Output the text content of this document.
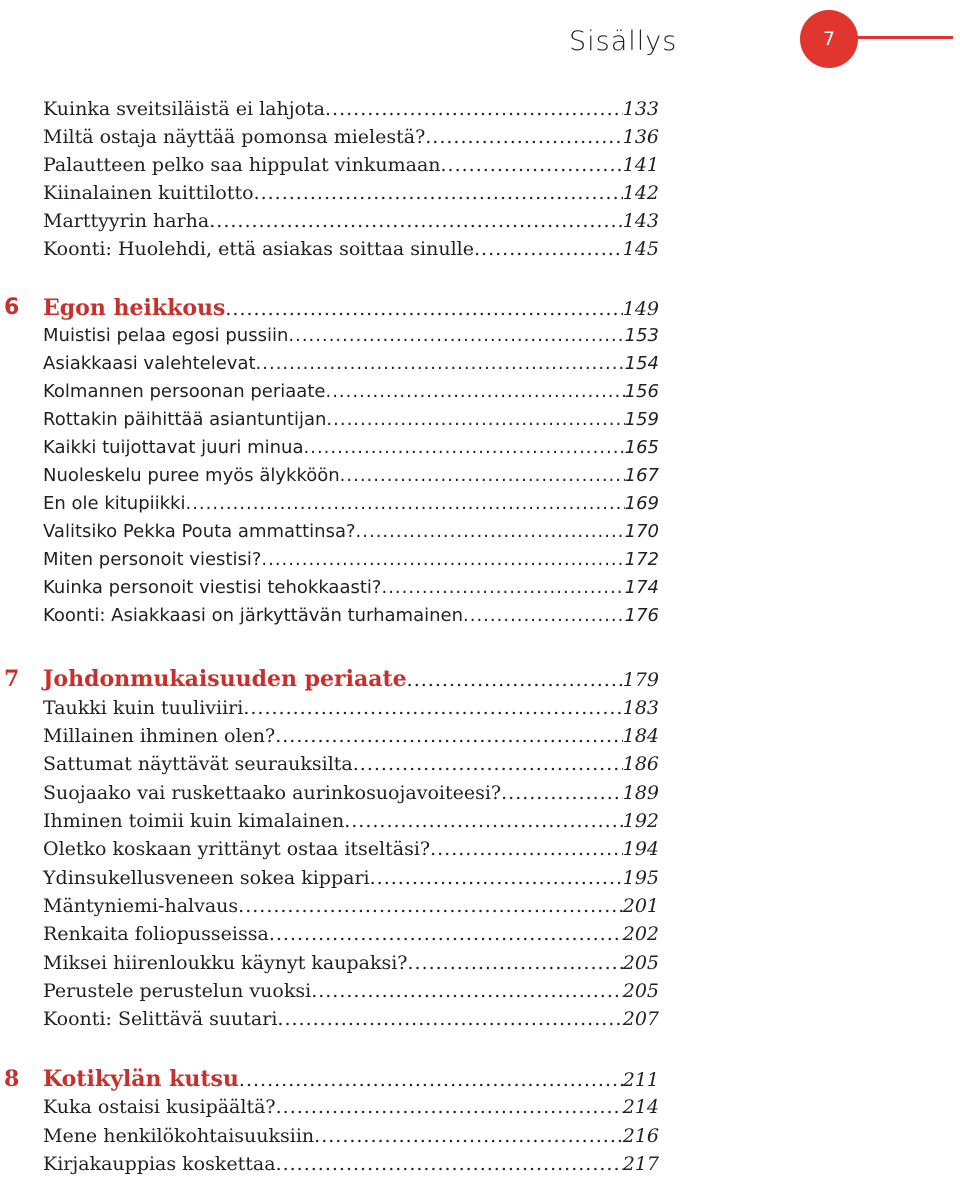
Sisällys	7
Kuinka sveitsiläistä ei lahjota .....	133
Miltä ostaja näyttää pomonsa mielestä? .....	136
Palautteen pelko saa hippulat vinkumaan .....	141
Kiinalainen kuittilotto .....	142
Marttyyrin harha .....	143
Koonti: Huolehdi, että asiakas soittaa sinulle .....	145
6	Egon heikkous .....	149
Muistisi pelaa egosi pussiin .....	153
Asiakkaasi valehtelevat .....	154
Kolmannen persoonan periaate .....	156
Rottakin päihittää asiantuntijan .....	159
Kaikki tuijottavat juuri minua .....	165
Nuoleskelu puree myös älykköön .....	167
En ole kitupiikki .....	169
Valitsiko Pekka Pouta ammattinsa? .....	170
Miten personoit viestisi? .....	172
Kuinka personoit viestisi tehokkaasti? .....	174
Koonti: Asiakkaasi on järkyttävän turhamainen .....	176
7	Johdonmukaisuuden periaate .....	179
Taukki kuin tuuliviiri .....	183
Millainen ihminen olen? .....	184
Sattumat näyttävät seurauksilta .....	186
Suojaako vai ruskettaako aurinkosuojavoiteesi? .....	189
Ihminen toimii kuin kimalainen .....	192
Oletko koskaan yrittänyt ostaa itseltäsi? .....	194
Ydinsukellusveneen sokea kippari .....	195
Mäntyniemi-halvaus .....	201
Renkaita foliopusseissa .....	202
Miksei hiirenloukku käynyt kaupaksi? .....	205
Perustele perustelun vuoksi .....	205
Koonti: Selittävä suutari .....	207
8	Kotikylän kutsu .....	211
Kuka ostaisi kusipäältä? .....	214
Mene henkilökohtaisuuksiin .....	216
Kirjakauppias koskettaa .....	217
